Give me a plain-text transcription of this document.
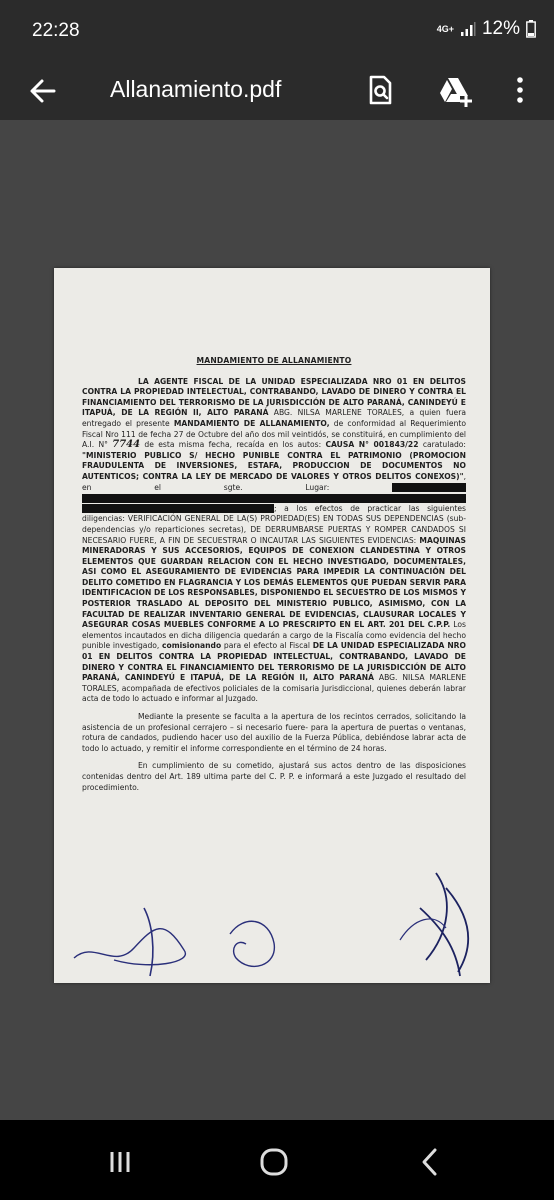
22:28	4G+ 12%
Allanamiento.pdf
MANDAMIENTO DE ALLANAMIENTO

LA AGENTE FISCAL DE LA UNIDAD ESPECIALIZADA NRO 01 EN DELITOS CONTRA LA PROPIEDAD INTELECTUAL, CONTRABANDO, LAVADO DE DINERO Y CONTRA EL FINANCIAMIENTO DEL TERRORISMO DE LA JURISDICCIÓN DE ALTO PARANÁ, CANINDEYÚ E ITAPUÁ, DE LA REGIÓN II, ALTO PARANÁ ABG. NILSA MARLENE TORALES, a quien fuera entregado el presente MANDAMIENTO DE ALLANAMIENTO, de conformidad al Requerimiento Fiscal Nro 111 de fecha 27 de Octubre del año dos mil veintidós, se constituirá, en cumplimiento del A.I. N° 7744 de esta misma fecha, recaída en los autos: CAUSA N° 001843/22 caratulado: "MINISTERIO PUBLICO S/ HECHO PUNIBLE CONTRA EL PATRIMONIO (PROMOCION FRAUDULENTA DE INVERSIONES, ESTAFA, PRODUCCION DE DOCUMENTOS NO AUTENTICOS; CONTRA LA LEY DE MERCADO DE VALORES Y OTROS DELITOS CONEXOS)", en el sgte. Lugar:   ; a los efectos de practicar las siguientes diligencias: VERIFICACIÓN GENERAL DE LA(S) PROPIEDAD(ES) EN TODAS SUS DEPENDENCIAS (sub-dependencias y/o reparticiones secretas), DE DERRUMBARSE PUERTAS Y ROMPER CANDADOS SI NECESARIO FUERE, A FIN DE SECUESTRAR O INCAUTAR LAS SIGUIENTES EVIDENCIAS: MAQUINAS MINERADORAS Y SUS ACCESORIOS, EQUIPOS DE CONEXION CLANDESTINA Y OTROS ELEMENTOS QUE GUARDAN RELACION CON EL HECHO INVESTIGADO, DOCUMENTALES, ASI COMO EL ASEGURAMIENTO DE EVIDENCIAS PARA IMPEDIR LA CONTINUACIÓN DEL DELITO COMETIDO EN FLAGRANCIA Y LOS DEMÁS ELEMENTOS QUE PUEDAN SERVIR PARA IDENTIFICACION DE LOS RESPONSABLES, DISPONIENDO EL SECUESTRO DE LOS MISMOS Y POSTERIOR TRASLADO AL DEPOSITO DEL MINISTERIO PUBLICO, ASIMISMO, CON LA FACULTAD DE REALIZAR INVENTARIO GENERAL DE EVIDENCIAS, CLAUSURAR LOCALES Y ASEGURAR COSAS MUEBLES CONFORME A LO PRESCRIPTO EN EL ART. 201 DEL C.P.P. Los elementos incautados en dicha diligencia quedarán a cargo de la Fiscalía como evidencia del hecho punible investigado, comisionando para el efecto al Fiscal DE LA UNIDAD ESPECIALIZADA NRO 01 EN DELITOS CONTRA LA PROPIEDAD INTELECTUAL, CONTRABANDO, LAVADO DE DINERO Y CONTRA EL FINANCIAMIENTO DEL TERRORISMO DE LA JURISDICCIÓN DE ALTO PARANÁ, CANINDEYÚ E ITAPUÁ, DE LA REGIÓN II, ALTO PARANÁ ABG. NILSA MARLENE TORALES, acompañada de efectivos policiales de la comisaria Jurisdiccional, quienes deberán labrar acta de todo lo actuado e informar al Juzgado.

Mediante la presente se faculta a la apertura de los recintos cerrados, solicitando la asistencia de un profesional cerrajero – si necesario fuere- para la apertura de puertas o ventanas, rotura de candados, pudiendo hacer uso del auxilio de la Fuerza Pública, debiéndose labrar acta de todo lo actuado, y remitir el informe correspondiente en el término de 24 horas.

En cumplimiento de su cometido, ajustará sus actos dentro de las disposiciones contenidas dentro del Art. 189 ultima parte del C. P. P. e informará a este Juzgado el resultado del procedimiento.
